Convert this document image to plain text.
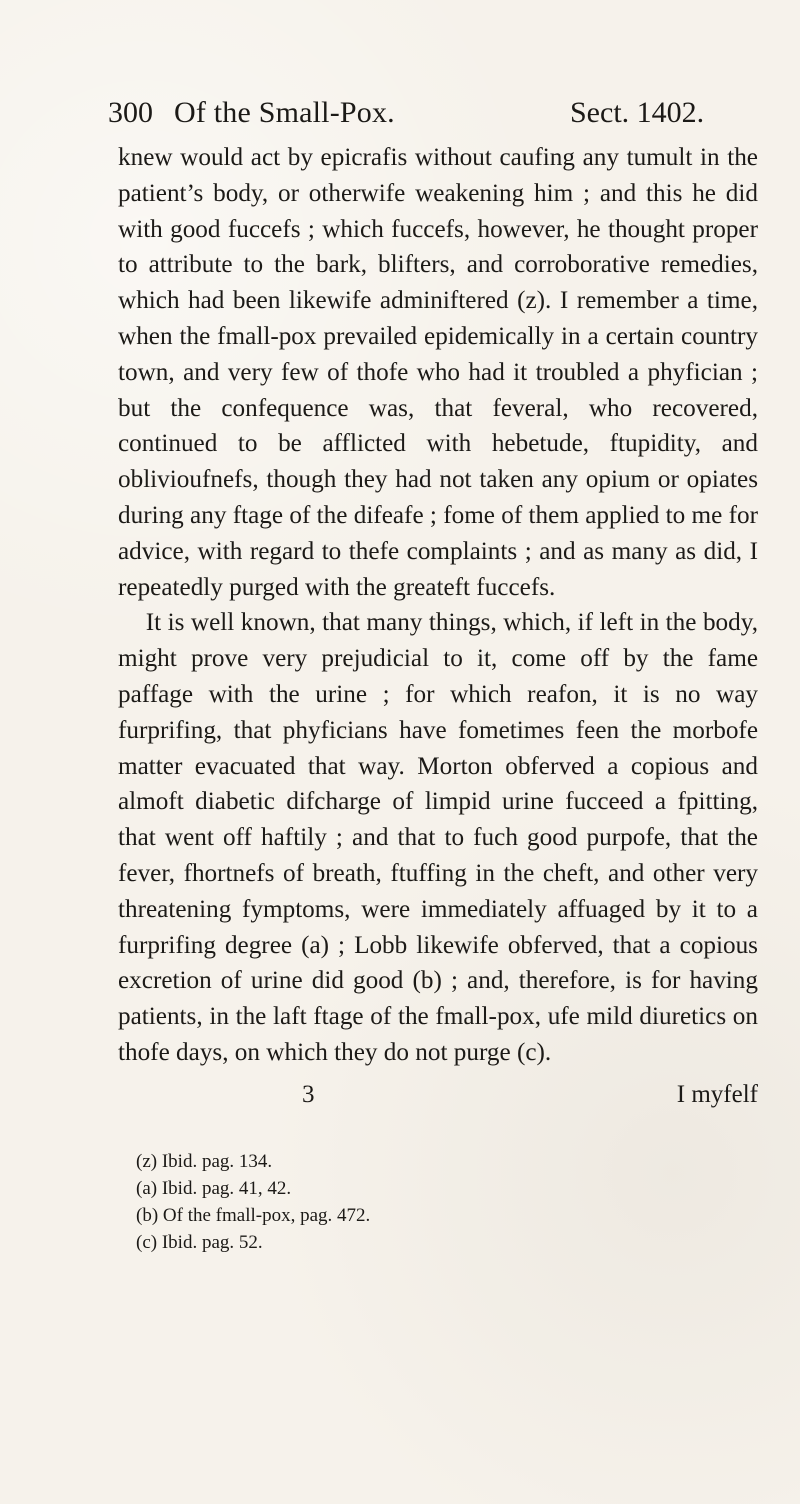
300 Of the Small-Pox.	Sect. 1402.

knew would act by epicrafis without caufing any tumult in the patient’s body, or otherwife weakening him ; and this he did with good fuccefs ; which fuccefs, however, he thought proper to attribute to the bark, blifters, and corroborative remedies, which had been likewife adminiftered (z). I remember a time, when the fmall-pox prevailed epidemically in a certain country town, and very few of thofe who had it troubled a phyfician ; but the confequence was, that feveral, who recovered, continued to be afflicted with hebetude, ftupidity, and oblivioufnefs, though they had not taken any opium or opiates during any ftage of the difeafe ; fome of them applied to me for advice, with regard to thefe complaints ; and as many as did, I repeatedly purged with the greateft fuccefs.

It is well known, that many things, which, if left in the body, might prove very prejudicial to it, come off by the fame paffage with the urine ; for which reafon, it is no way furprifing, that phyficians have fometimes feen the morbofe matter evacuated that way. Morton obferved a copious and almoft diabetic difcharge of limpid urine fucceed a fpitting, that went off haftily ; and that to fuch good purpofe, that the fever, fhortnefs of breath, ftuffing in the cheft, and other very threatening fymptoms, were immediately affuaged by it to a furprifing degree (a) ; Lobb likewife obferved, that a copious excretion of urine did good (b) ; and, therefore, is for having patients, in the laft ftage of the fmall-pox, ufe mild diuretics on thofe days, on which they do not purge (c).

3	I myfelf
(z) Ibid. pag. 134.
(a) Ibid. pag. 41, 42.
(b) Of the fmall-pox, pag. 472.
(c) Ibid. pag. 52.
